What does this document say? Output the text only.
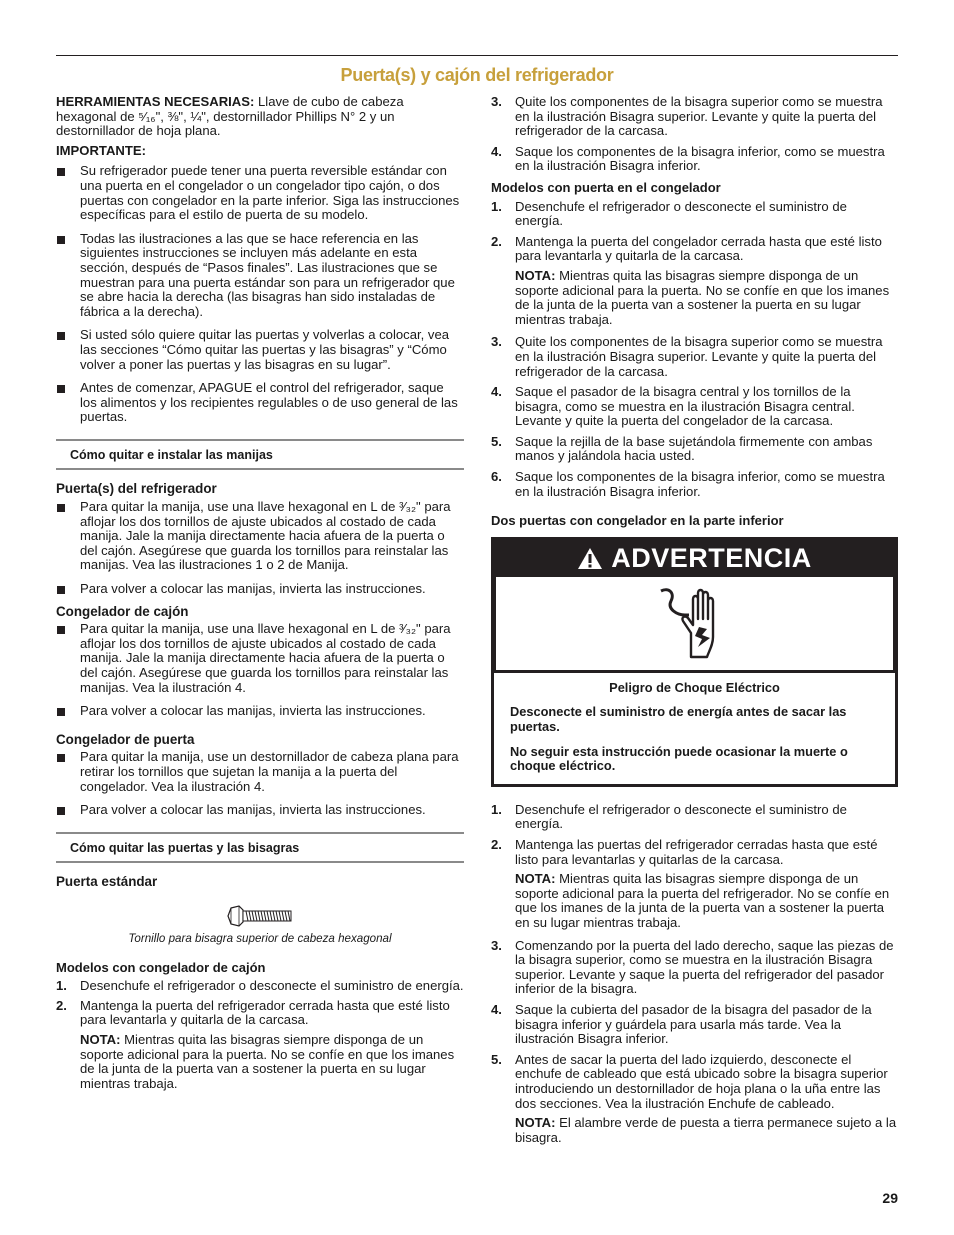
Puerta(s) y cajón del refrigerador

HERRAMIENTAS NECESARIAS: Llave de cubo de cabeza hexagonal de ⁵⁄₁₆", ⅜", ¼", destornillador Phillips N° 2 y un destornillador de hoja plana.

IMPORTANTE:

Su refrigerador puede tener una puerta reversible estándar con una puerta en el congelador o un congelador tipo cajón, o dos puertas con congelador en la parte inferior. Siga las instrucciones específicas para el estilo de puerta de su modelo.
Todas las ilustraciones a las que se hace referencia en las siguientes instrucciones se incluyen más adelante en esta sección, después de “Pasos finales”. Las ilustraciones que se muestran para una puerta estándar son para un refrigerador que se abre hacia la derecha (las bisagras han sido instaladas de fábrica a la derecha).
Si usted sólo quiere quitar las puertas y volverlas a colocar, vea las secciones “Cómo quitar las puertas y las bisagras” y “Cómo volver a poner las puertas y las bisagras en su lugar”.
Antes de comenzar, APAGUE el control del refrigerador, saque los alimentos y los recipientes regulables o de uso general de las puertas.
Cómo quitar e instalar las manijas
Puerta(s) del refrigerador
Para quitar la manija, use una llave hexagonal en L de ³⁄₃₂" para aflojar los dos tornillos de ajuste ubicados al costado de cada manija. Jale la manija directamente hacia afuera de la puerta o del cajón. Asegúrese que guarda los tornillos para reinstalar las manijas. Vea las ilustraciones 1 o 2 de Manija.
Para volver a colocar las manijas, invierta las instrucciones.
Congelador de cajón
Para quitar la manija, use una llave hexagonal en L de ³⁄₃₂" para aflojar los dos tornillos de ajuste ubicados al costado de cada manija. Jale la manija directamente hacia afuera de la puerta o del cajón. Asegúrese que guarda los tornillos para reinstalar las manijas. Vea la ilustración 4.
Para volver a colocar las manijas, invierta las instrucciones.
Congelador de puerta
Para quitar la manija, use un destornillador de cabeza plana para retirar los tornillos que sujetan la manija a la puerta del congelador. Vea la ilustración 4.
Para volver a colocar las manijas, invierta las instrucciones.
Cómo quitar las puertas y las bisagras
Puerta estándar
Tornillo para bisagra superior de cabeza hexagonal
Modelos con congelador de cajón
1. Desenchufe el refrigerador o desconecte el suministro de energía.
2. Mantenga la puerta del refrigerador cerrada hasta que esté listo para levantarla y quitarla de la carcasa.

NOTA: Mientras quita las bisagras siempre disponga de un soporte adicional para la puerta. No se confíe en que los imanes de la junta de la puerta van a sostener la puerta en su lugar mientras trabaja.

3. Quite los componentes de la bisagra superior como se muestra en la ilustración Bisagra superior. Levante y quite la puerta del refrigerador de la carcasa.
4. Saque los componentes de la bisagra inferior, como se muestra en la ilustración Bisagra inferior.
Modelos con puerta en el congelador
1. Desenchufe el refrigerador o desconecte el suministro de energía.
2. Mantenga la puerta del congelador cerrada hasta que esté listo para levantarla y quitarla de la carcasa.

NOTA: Mientras quita las bisagras siempre disponga de un soporte adicional para la puerta. No se confíe en que los imanes de la junta de la puerta van a sostener la puerta en su lugar mientras trabaja.

3. Quite los componentes de la bisagra superior como se muestra en la ilustración Bisagra superior. Levante y quite la puerta del refrigerador de la carcasa.
4. Saque el pasador de la bisagra central y los tornillos de la bisagra, como se muestra en la ilustración Bisagra central. Levante y quite la puerta del congelador de la carcasa.
5. Saque la rejilla de la base sujetándola firmemente con ambas manos y jalándola hacia usted.
6. Saque los componentes de la bisagra inferior, como se muestra en la ilustración Bisagra inferior.
Dos puertas con congelador en la parte inferior
ADVERTENCIA
Peligro de Choque Eléctrico

Desconecte el suministro de energía antes de sacar las puertas.

No seguir esta instrucción puede ocasionar la muerte o choque eléctrico.

1. Desenchufe el refrigerador o desconecte el suministro de energía.
2. Mantenga las puertas del refrigerador cerradas hasta que esté listo para levantarlas y quitarlas de la carcasa.

NOTA: Mientras quita las bisagras siempre disponga de un soporte adicional para la puerta del refrigerador. No se confíe en que los imanes de la junta de la puerta van a sostener la puerta en su lugar mientras trabaja.

3. Comenzando por la puerta del lado derecho, saque las piezas de la bisagra superior, como se muestra en la ilustración Bisagra superior. Levante y saque la puerta del refrigerador del pasador inferior de la bisagra.
4. Saque la cubierta del pasador de la bisagra del pasador de la bisagra inferior y guárdela para usarla más tarde. Vea la ilustración Bisagra inferior.
5. Antes de sacar la puerta del lado izquierdo, desconecte el enchufe de cableado que está ubicado sobre la bisagra superior introduciendo un destornillador de hoja plana o la uña entre las dos secciones. Vea la ilustración Enchufe de cableado.

NOTA: El alambre verde de puesta a tierra permanece sujeto a la bisagra.

29
